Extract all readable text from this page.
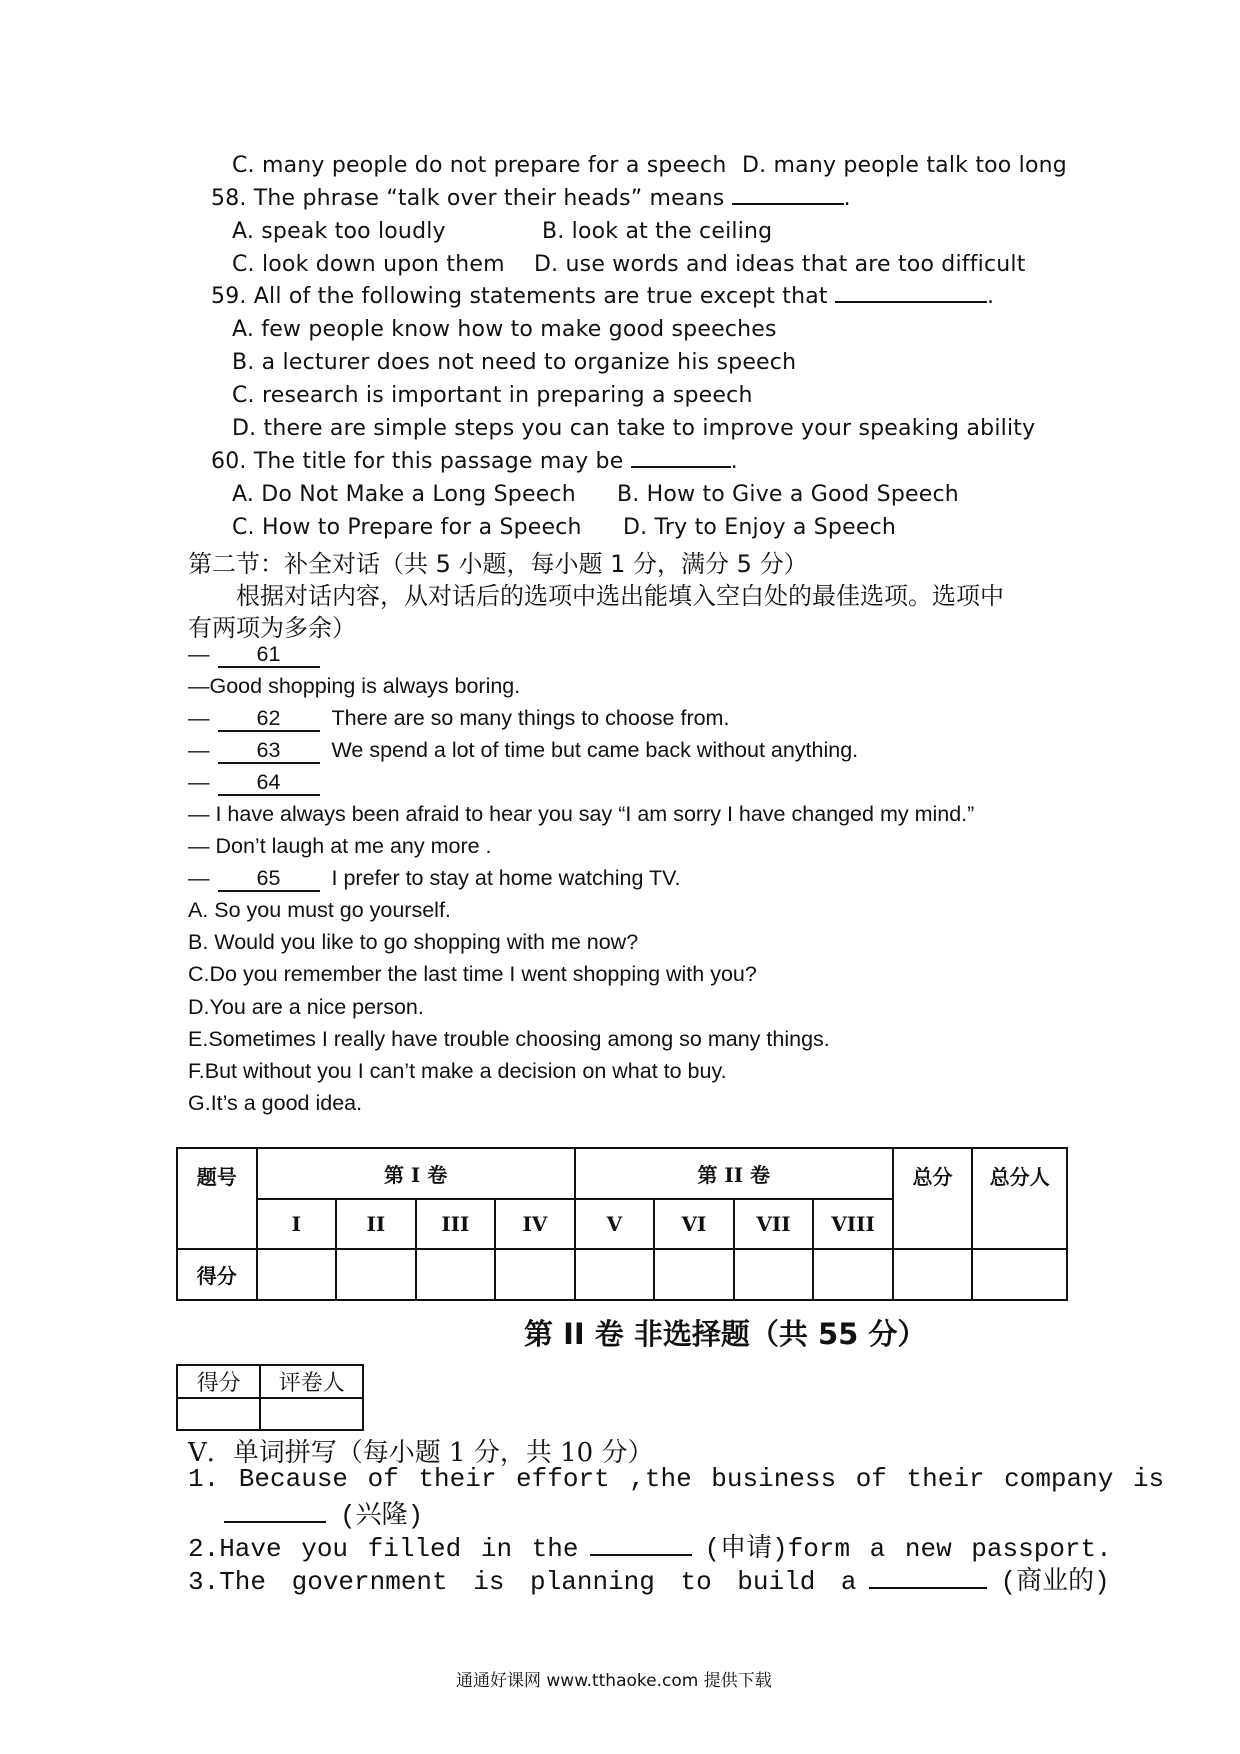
C. many people do not prepare for a speech D. many people talk too long
58. The phrase “talk over their heads” means	.
A. speak too loudly	B. look at the ceiling
C. look down upon them D. use words and ideas that are too difficult
59. All of the following statements are true except that	.
A. few people know how to make good speeches
B. a lecturer does not need to organize his speech
C. research is important in preparing a speech
D. there are simple steps you can take to improve your speaking ability
60. The title for this passage may be	.
A. Do Not Make a Long Speech B. How to Give a Good Speech
C. How to Prepare for a Speech D. Try to Enjoy a Speech
第二节：补全对话（共 5 小题，每小题 1 分，满分 5 分）
根据对话内容，从对话后的选项中选出能填入空白处的最佳选项。选项中
有两项为多余）
— 61
—Good shopping is always boring.
— 62 There are so many things to choose from.
— 63 We spend a lot of time but came back without anything.
— 64
— I have always been afraid to hear you say “I am sorry I have changed my mind.”
— Don’t laugh at me any more .
— 65 I prefer to stay at home watching TV.
A. So you must go yourself.
B. Would you like to go shopping with me now?
C.Do you remember the last time I went shopping with you?
D.You are a nice person.
E.Sometimes I really have trouble choosing among so many things.
F.But without you I can’t make a decision on what to buy.
G.It’s a good idea.
题号	第 I 卷				第 II 卷				总分	总分人
	I	II	III	IV	V	VI	VII	VIII		
得分										
第 II 卷 非选择题（共 55 分）
得分	评卷人

V．单词拼写（每小题 1 分，共 10 分）
1. Because of their effort ,the business of their company is
(兴隆)
2.Have you filled in the	(申请)form a new passport.
3.The government is planning to build a	(商业的)
通通好课网 www.tthaoke.com 提供下载
